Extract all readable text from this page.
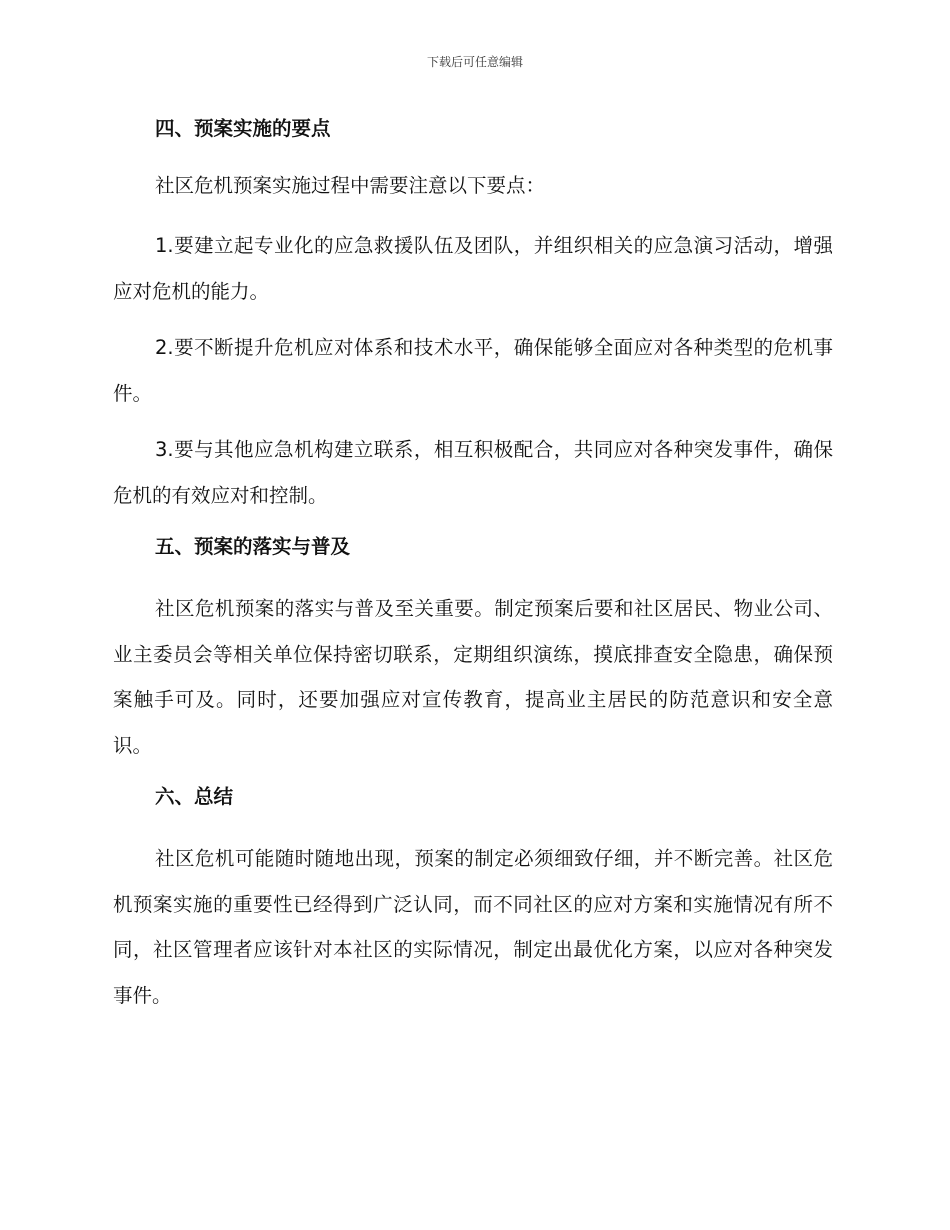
下载后可任意编辑
四、预案实施的要点

社区危机预案实施过程中需要注意以下要点：

1.要建立起专业化的应急救援队伍及团队，并组织相关的应急演习活动，增强应对危机的能力。

2.要不断提升危机应对体系和技术水平，确保能够全面应对各种类型的危机事件。

3.要与其他应急机构建立联系，相互积极配合，共同应对各种突发事件，确保危机的有效应对和控制。

五、预案的落实与普及

社区危机预案的落实与普及至关重要。制定预案后要和社区居民、物业公司、业主委员会等相关单位保持密切联系，定期组织演练，摸底排查安全隐患，确保预案触手可及。同时，还要加强应对宣传教育，提高业主居民的防范意识和安全意识。

六、总结

社区危机可能随时随地出现，预案的制定必须细致仔细，并不断完善。社区危机预案实施的重要性已经得到广泛认同，而不同社区的应对方案和实施情况有所不同，社区管理者应该针对本社区的实际情况，制定出最优化方案，以应对各种突发事件。
